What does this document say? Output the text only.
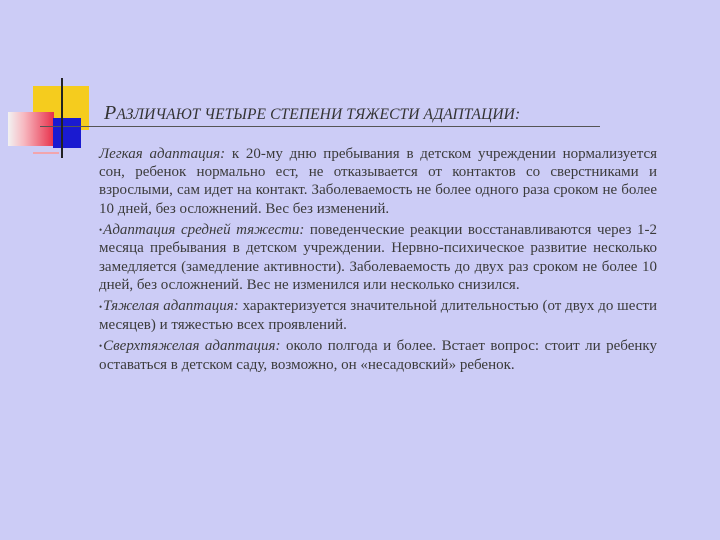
РАЗЛИЧАЮТ ЧЕТЫРЕ СТЕПЕНИ ТЯЖЕСТИ АДАПТАЦИИ:

Легкая адаптация: к 20-му дню пребывания в детском учреждении нормализуется сон, ребенок нормально ест, не отказывается от контактов со сверстниками и взрослыми, сам идет на контакт. Заболеваемость не более одного раза сроком не более 10 дней, без осложнений. Вес без изменений.

•Адаптация средней тяжести: поведенческие реакции восстанавливаются через 1-2 месяца пребывания в детском учреждении. Нервно-психическое развитие несколько замедляется (замедление активности). Заболеваемость до двух раз сроком не более 10 дней, без осложнений. Вес не изменился или несколько снизился.

•Тяжелая адаптация: характеризуется значительной длительностью (от двух до шести месяцев) и тяжестью всех проявлений.

•Сверхтяжелая адаптация: около полгода и более. Встает вопрос: стоит ли ребенку оставаться в детском саду, возможно, он «несадовский» ребенок.
